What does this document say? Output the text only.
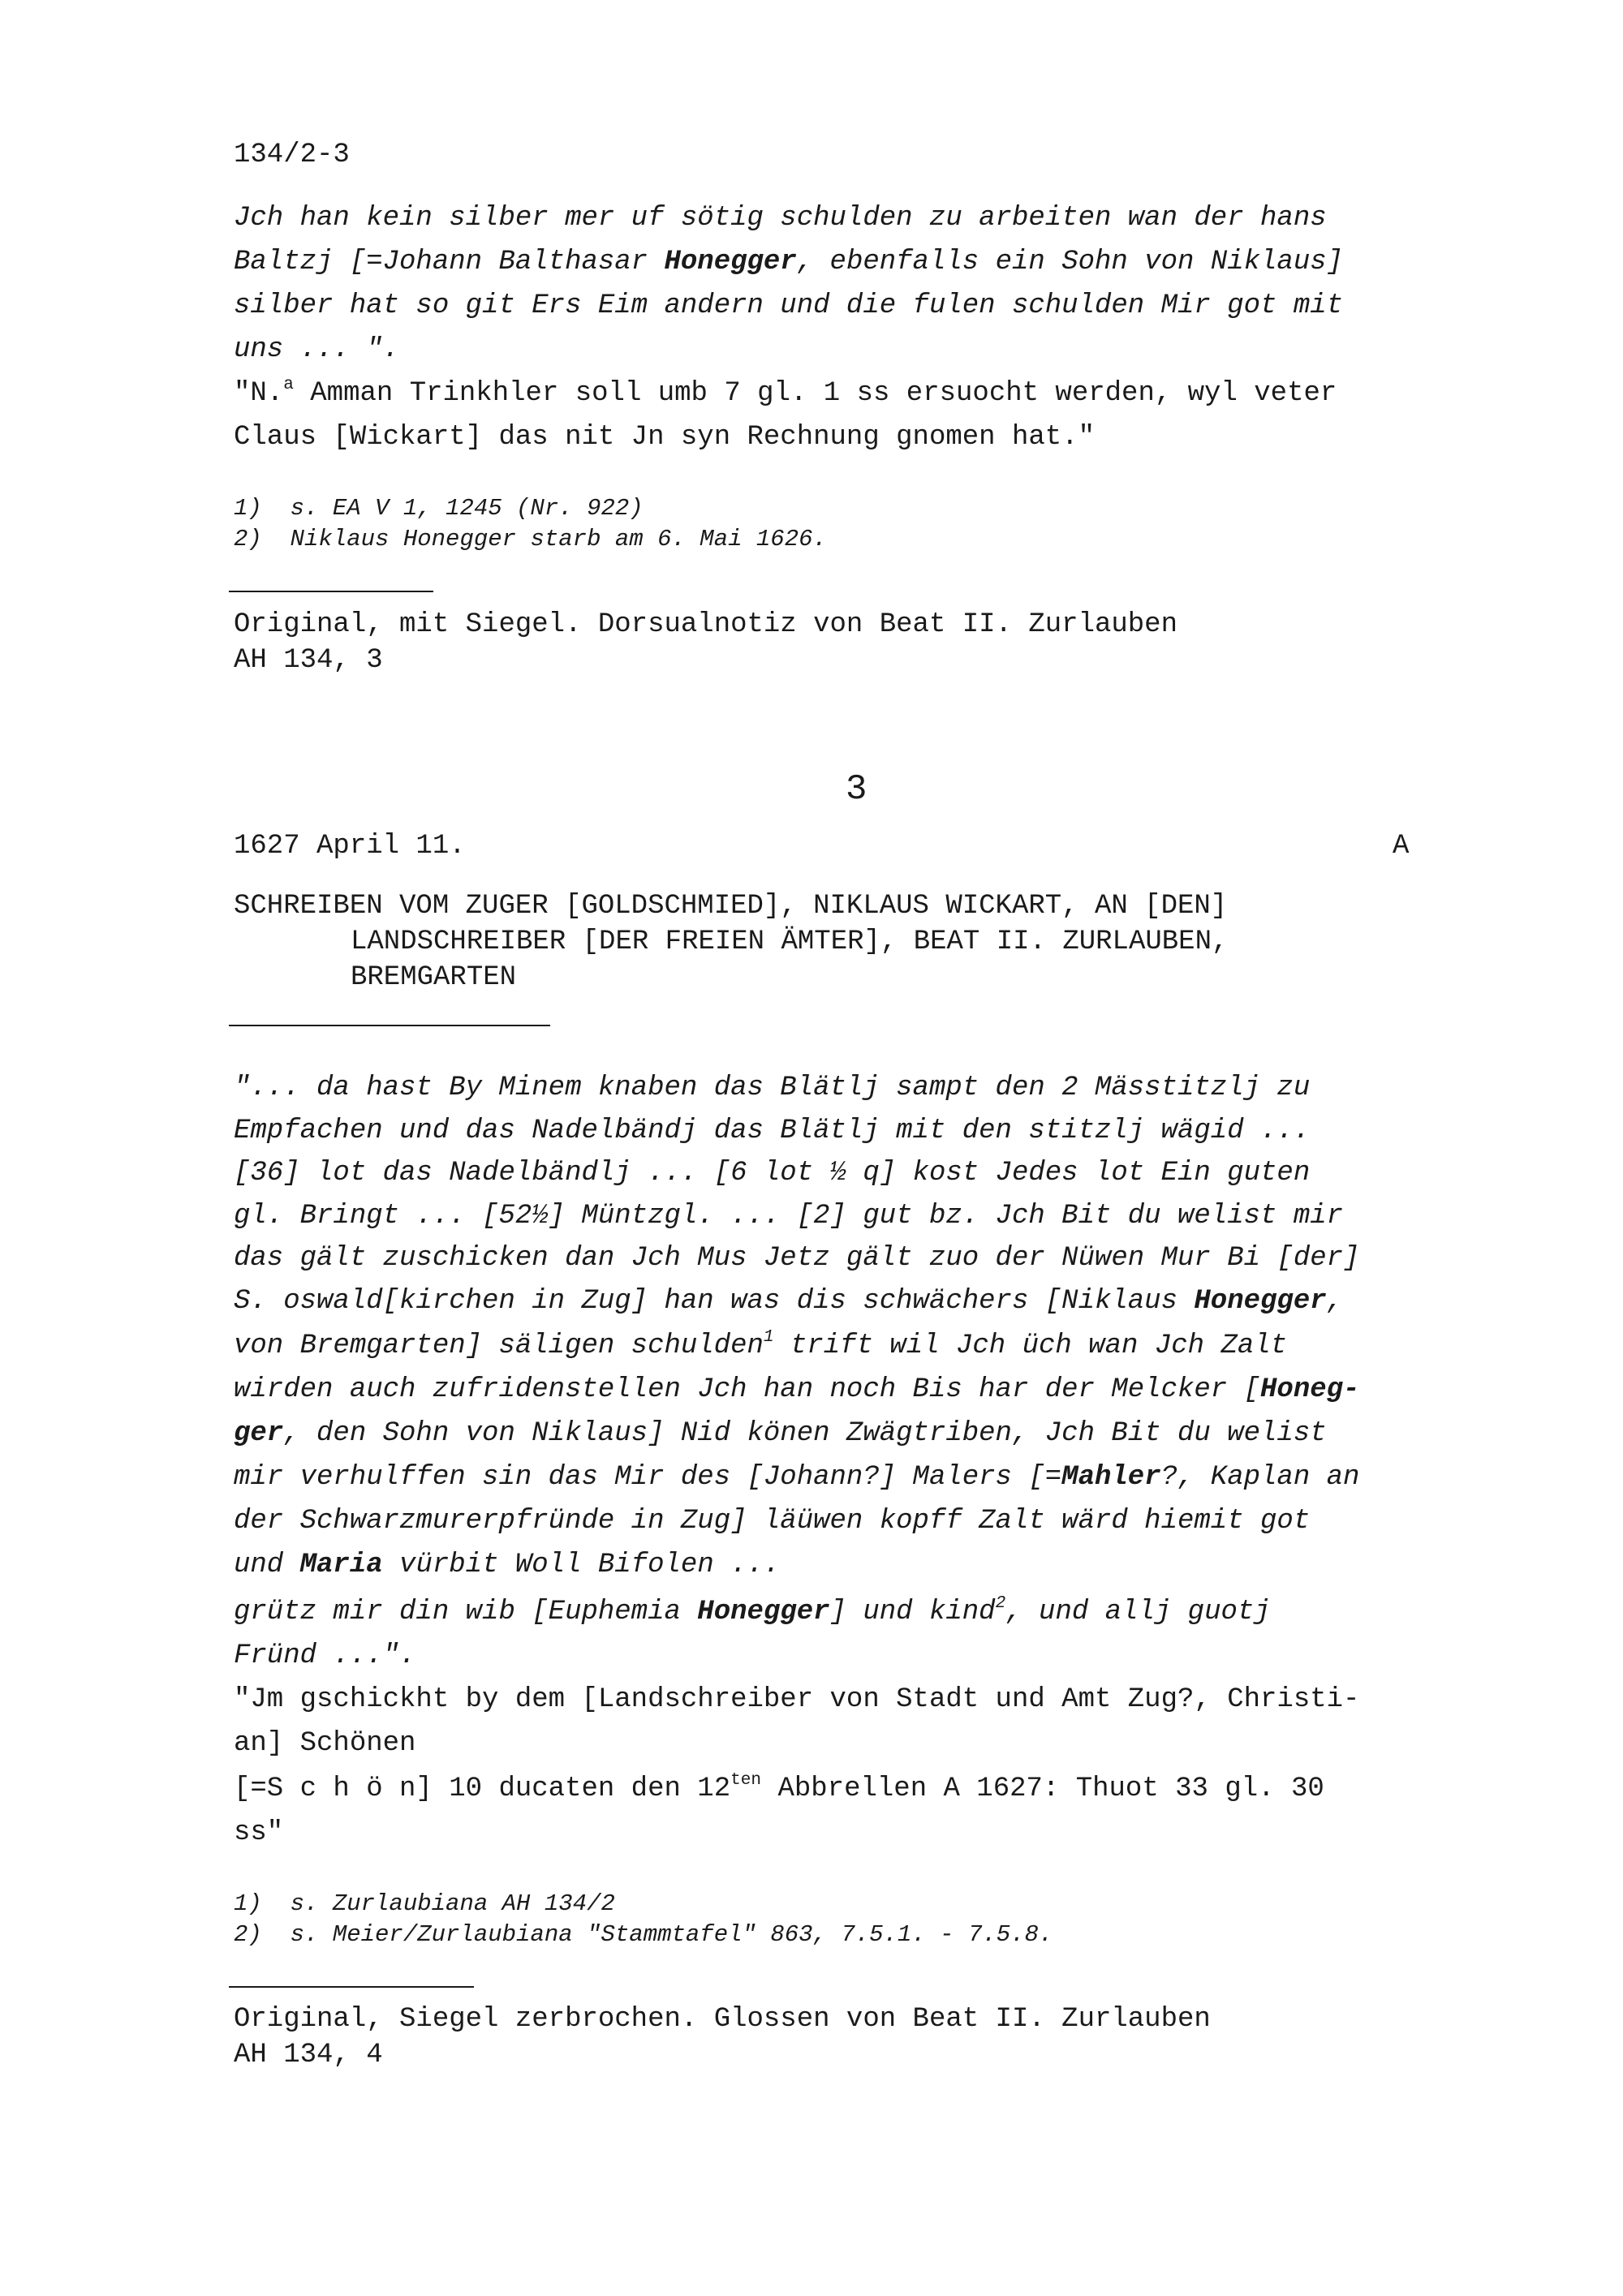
134/2-3
Jch han kein silber mer uf sötig schulden zu arbeiten wan der hans
Baltzj [=Johann Balthasar Honegger, ebenfalls ein Sohn von Niklaus]
silber hat so git Ers Eim andern und die fulen schulden Mir got mit
uns ... ".
"N.$^a$ Amman Trinkhler soll umb 7 gl. 1 ss ersuocht werden, wyl veter
Claus [Wickart] das nit Jn syn Rechnung gnomen hat."
1)  s. EA V 1, 1245 (Nr. 922)
2)  Niklaus Honegger starb am 6. Mai 1626.
Original, mit Siegel. Dorsualnotiz von Beat II. Zurlauben
AH 134, 3
3
1627 April 11.	A
SCHREIBEN VOM ZUGER [GOLDSCHMIED], NIKLAUS WICKART, AN [DEN]
LANDSCHREIBER [DER FREIEN ÄMTER], BEAT II. ZURLAUBEN,
BREMGARTEN
"... da hast By Minem knaben das Blätlj sampt den 2 Mässtitzlj zu
Empfachen und das Nadelbändj das Blätlj mit den stitzlj wägid ...
[36] lot das Nadelbändlj ... [6 lot ½ q] kost Jedes lot Ein guten
gl. Bringt ... [52½] Müntzgl. ... [2] gut bz. Jch Bit du welist mir
das gält zuschicken dan Jch Mus Jetz gält zuo der Nüwen Mur Bi [der]
S. oswald[kirchen in Zug] han was dis schwächers [Niklaus Honegger,
von Bremgarten] säligen schulden$^1$ trift wil Jch üch wan Jch Zalt
wirden auch zufridenstellen Jch han noch Bis har der Melcker [Honeg-
ger, den Sohn von Niklaus] Nid könen Zwägtriben, Jch Bit du welist
mir verhulffen sin das Mir des [Johann?] Malers [=Mahler?, Kaplan an
der Schwarzmurerpfründe in Zug] läüwen kopff Zalt wärd hiemit got
und Maria vürbit Woll Bifolen ...
grütz mir din wib [Euphemia Honegger] und kind$^2$, und allj guotj
Fründ ...".
"Jm gschickht by dem [Landschreiber von Stadt und Amt Zug?, Christi-
an] Schönen
[=S c h ö n] 10 ducaten den $12^{ten}$ Abbrellen A 1627: Thuot 33 gl. 30
ss"
1)  s. Zurlaubiana AH 134/2
2)  s. Meier/Zurlaubiana "Stammtafel" 863, 7.5.1. - 7.5.8.
Original, Siegel zerbrochen. Glossen von Beat II. Zurlauben
AH 134, 4
